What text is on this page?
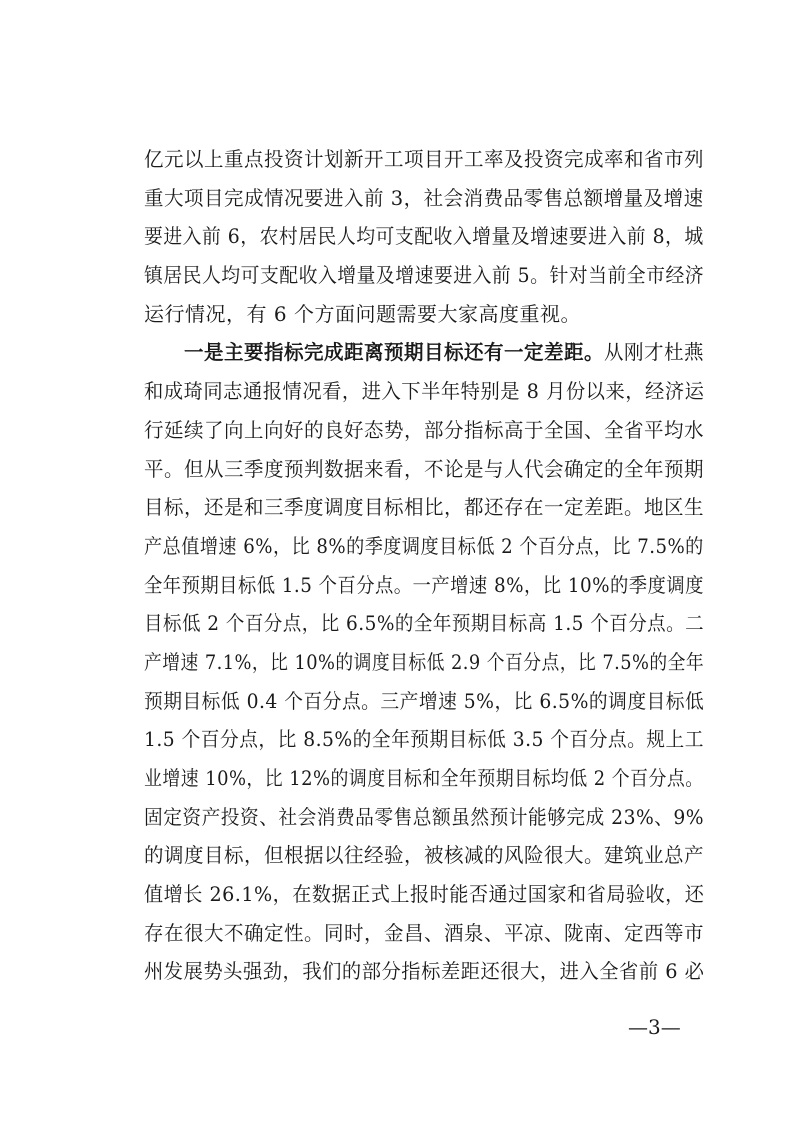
亿元以上重点投资计划新开工项目开工率及投资完成率和省市列
重大项目完成情况要进入前 3，社会消费品零售总额增量及增速
要进入前 6，农村居民人均可支配收入增量及增速要进入前 8，城
镇居民人均可支配收入增量及增速要进入前 5。针对当前全市经济
运行情况，有 6 个方面问题需要大家高度重视。
　　一是主要指标完成距离预期目标还有一定差距。从刚才杜燕
和成琦同志通报情况看，进入下半年特别是 8 月份以来，经济运
行延续了向上向好的良好态势，部分指标高于全国、全省平均水
平。但从三季度预判数据来看，不论是与人代会确定的全年预期
目标，还是和三季度调度目标相比，都还存在一定差距。地区生
产总值增速 6%，比 8%的季度调度目标低 2 个百分点，比 7.5%的
全年预期目标低 1.5 个百分点。一产增速 8%，比 10%的季度调度
目标低 2 个百分点，比 6.5%的全年预期目标高 1.5 个百分点。二
产增速 7.1%，比 10%的调度目标低 2.9 个百分点，比 7.5%的全年
预期目标低 0.4 个百分点。三产增速 5%，比 6.5%的调度目标低
1.5 个百分点，比 8.5%的全年预期目标低 3.5 个百分点。规上工
业增速 10%，比 12%的调度目标和全年预期目标均低 2 个百分点。
固定资产投资、社会消费品零售总额虽然预计能够完成 23%、9%
的调度目标，但根据以往经验，被核减的风险很大。建筑业总产
值增长 26.1%，在数据正式上报时能否通过国家和省局验收，还
存在很大不确定性。同时，金昌、酒泉、平凉、陇南、定西等市
州发展势头强劲，我们的部分指标差距还很大，进入全省前 6 必
—3—
